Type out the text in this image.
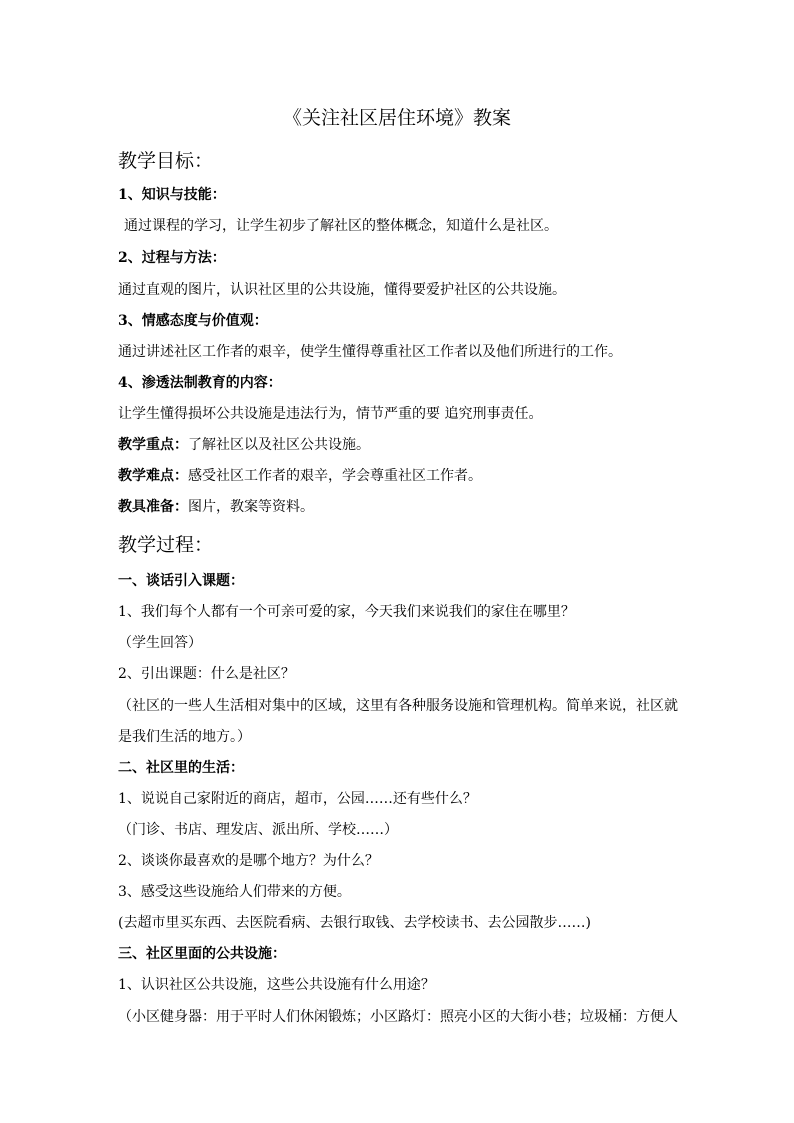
《关注社区居住环境》教案
教学目标：
1、知识与技能：
通过课程的学习，让学生初步了解社区的整体概念，知道什么是社区。
2、过程与方法：
通过直观的图片，认识社区里的公共设施，懂得要爱护社区的公共设施。
3、情感态度与价值观：
通过讲述社区工作者的艰辛，使学生懂得尊重社区工作者以及他们所进行的工作。
4、渗透法制教育的内容：
让学生懂得损坏公共设施是违法行为，情节严重的要 追究刑事责任。
教学重点：了解社区以及社区公共设施。
教学难点：感受社区工作者的艰辛，学会尊重社区工作者。
教具准备：图片，教案等资料。
教学过程：
一、谈话引入课题：
1、我们每个人都有一个可亲可爱的家，今天我们来说我们的家住在哪里？
（学生回答）
2、引出课题：什么是社区？
（社区的一些人生活相对集中的区域，这里有各种服务设施和管理机构。简单来说，社区就
是我们生活的地方。）
二、社区里的生活：
1、说说自己家附近的商店，超市，公园……还有些什么？
（门诊、书店、理发店、派出所、学校……）
2、谈谈你最喜欢的是哪个地方？为什么？
3、感受这些设施给人们带来的方便。
(去超市里买东西、去医院看病、去银行取钱、去学校读书、去公园散步……)
三、社区里面的公共设施：
1、认识社区公共设施，这些公共设施有什么用途？
（小区健身器：用于平时人们休闲锻炼；小区路灯：照亮小区的大街小巷；垃圾桶：方便人
